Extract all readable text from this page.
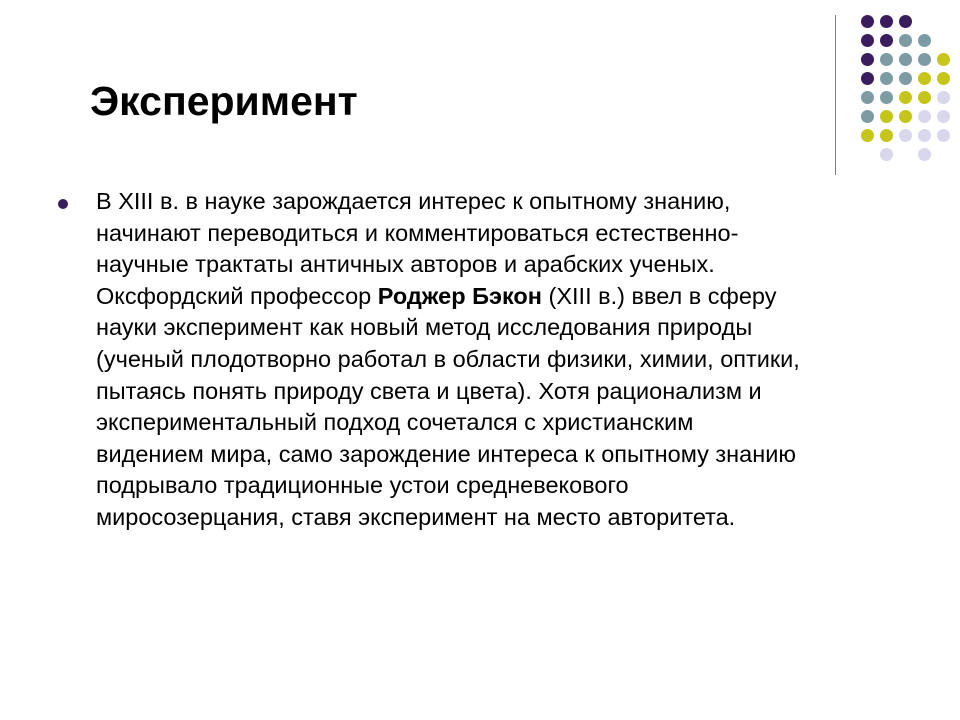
Эксперимент
В XIII в. в науке зарождается интерес к опытному знанию,
начинают переводиться и комментироваться естественно-
научные трактаты античных авторов и арабских ученых.
Оксфордский профессор Роджер Бэкон (XIII в.) ввел в сферу
науки эксперимент как новый метод исследования природы
(ученый плодотворно работал в области физики, химии, оптики,
пытаясь понять природу света и цвета). Хотя рационализм и
экспериментальный подход сочетался с христианским
видением мира, само зарождение интереса к опытному знанию
подрывало традиционные устои средневекового
миросозерцания, ставя эксперимент на место авторитета.
